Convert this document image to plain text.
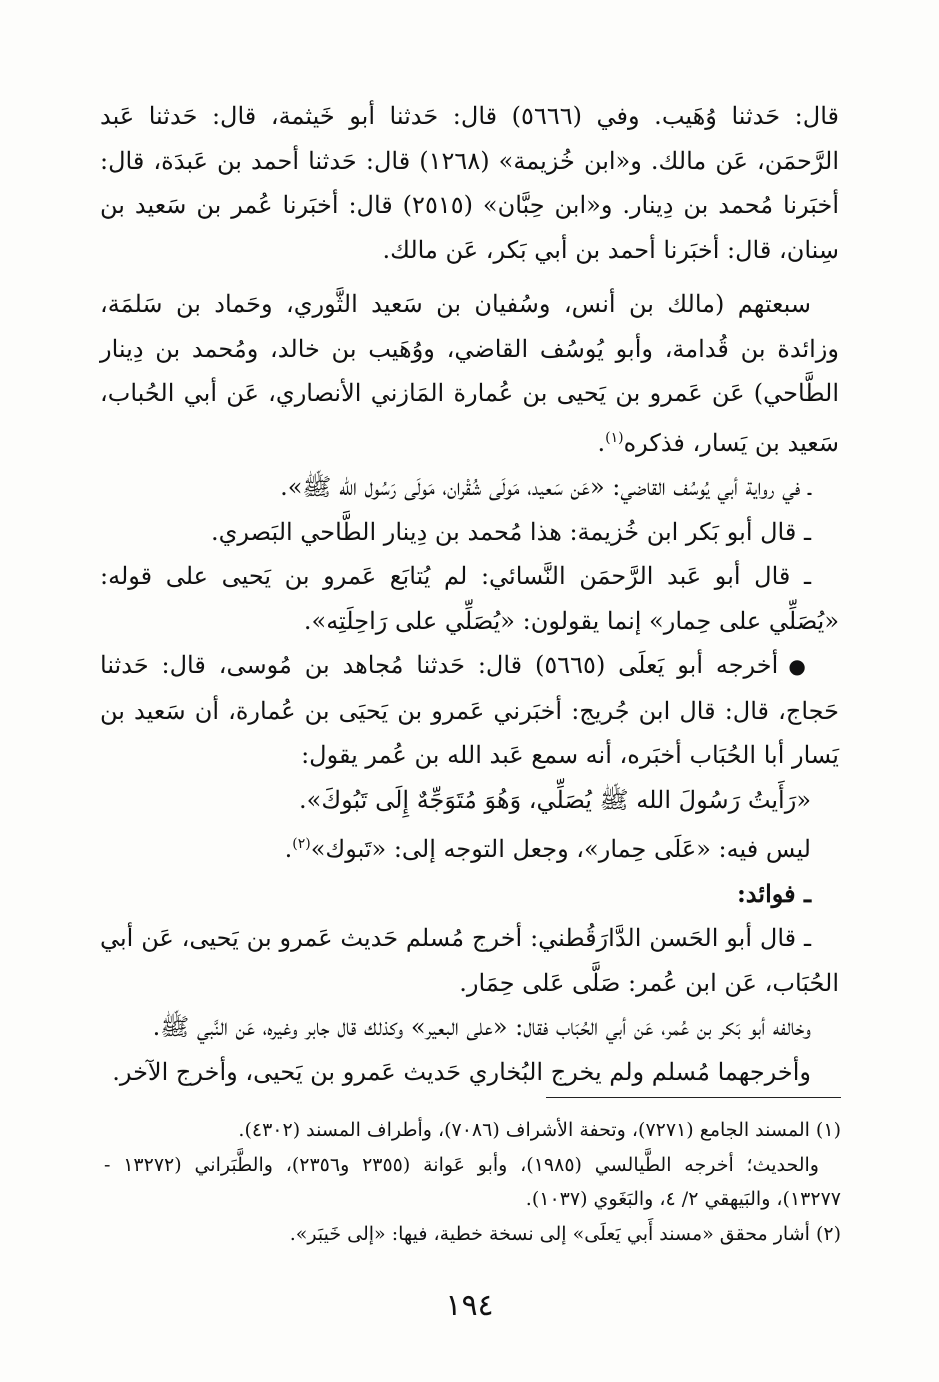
قال: حَدثنا وُهَيب. وفي (٥٦٦٦) قال: حَدثنا أبو خَيثمة، قال: حَدثنا عَبد الرَّحمَن، عَن مالك. و«ابن خُزيمة» (١٢٦٨) قال: حَدثنا أحمد بن عَبدَة، قال: أخبَرنا مُحمد بن دِينار. و«ابن حِبَّان» (٢٥١٥) قال: أخبَرنا عُمر بن سَعيد بن سِنان، قال: أخبَرنا أحمد بن أبي بَكر، عَن مالك.

سبعتهم (مالك بن أنس، وسُفيان بن سَعيد الثَّوري، وحَماد بن سَلمَة، وزائدة بن قُدامة، وأبو يُوسُف القاضي، ووُهَيب بن خالد، ومُحمد بن دِينار الطَّاحي) عَن عَمرو بن يَحيى بن عُمارة المَازني الأنصاري، عَن أبي الحُباب، سَعيد بن يَسار، فذكره$^{(١)}$.

ـ في رواية أبي يُوسُف القاضي: «عَن سَعيد، مَولَى شُقْران، مَولَى رَسُول الله ﷺ».

ـ قال أبو بَكر ابن خُزيمة: هذا مُحمد بن دِينار الطَّاحي البَصري.

ـ قال أبو عَبد الرَّحمَن النَّسائي: لم يُتابَع عَمرو بن يَحيى على قوله: «يُصَلِّي على حِمار» إنما يقولون: «يُصَلِّي على رَاحِلَتِه».

●أخرجه أبو يَعلَى (٥٦٦٥) قال: حَدثنا مُجاهد بن مُوسى، قال: حَدثنا حَجاج، قال: قال ابن جُريج: أخبَرني عَمرو بن يَحيَى بن عُمارة، أن سَعيد بن يَسار أبا الحُبَاب أخبَره، أنه سمع عَبد الله بن عُمر يقول:

«رَأَيتُ رَسُولَ الله ﷺ يُصَلِّي، وَهُوَ مُتَوَجِّهٌ إِلَى تَبُوكَ».

ليس فيه: «عَلَى حِمار»، وجعل التوجه إلى: «تَبوك»$^{(٢)}$.

ـ فوائد:

ـ قال أبو الحَسن الدَّارَقُطني: أخرج مُسلم حَديث عَمرو بن يَحيى، عَن أبي الحُبَاب، عَن ابن عُمر: صَلَّى عَلى حِمَار.

وخالفه أبو بَكر بن عُمر، عَن أبي الحُبَاب فقال: «على البعير» وكذلك قال جابر وغيره، عَن النَّبي ﷺ.

وأخرجهما مُسلم ولم يخرج البُخاري حَديث عَمرو بن يَحيى، وأخرج الآخر.

(١) المسند الجامع (٧٢٧١)، وتحفة الأشراف (٧٠٨٦)، وأطراف المسند (٤٣٠٢).

والحديث؛ أخرجه الطَّيالسي (١٩٨٥)، وأبو عَوانة (٢٣٥٥ و٢٣٥٦)، والطَّبَراني (١٣٢٧٢ - ١٣٢٧٧)، والبَيهقي ٢/ ٤، والبَغَوي (١٠٣٧).

(٢) أشار محقق «مسند أَبي يَعلَى» إلى نسخة خطية، فيها: «إلى خَيبَر».

١٩٤
